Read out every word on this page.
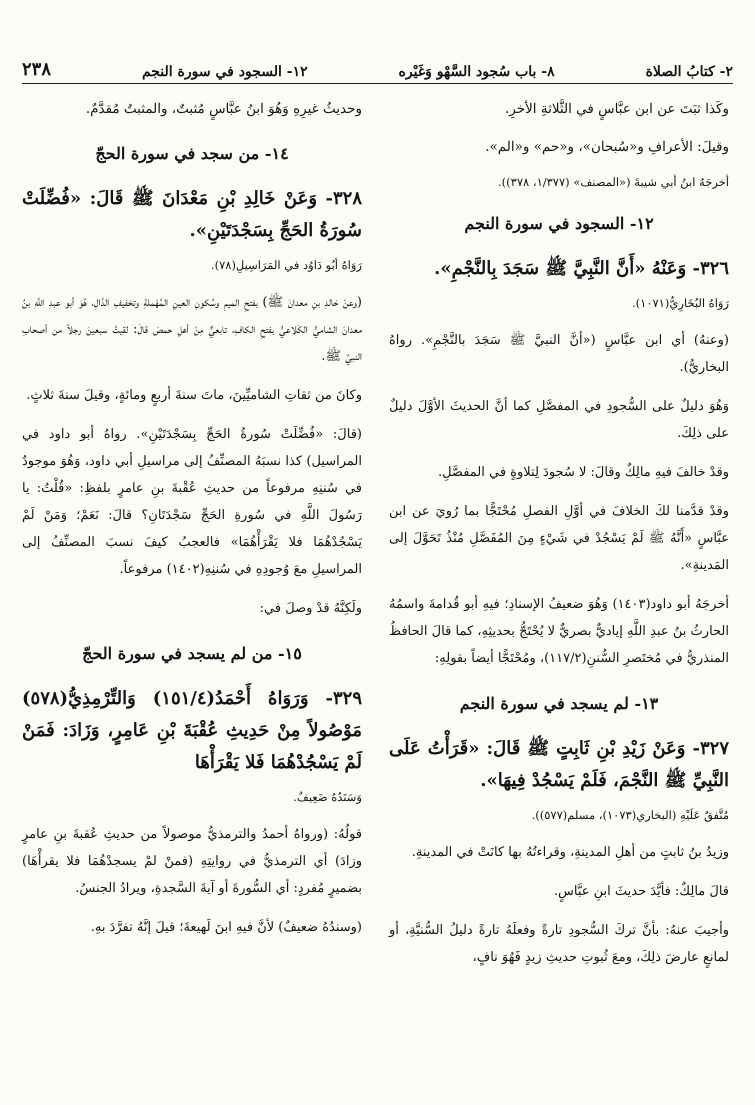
٢- كتابُ الصلاة
٨- باب سُجود السَّهْو وَغَيْره
١٢- السجود في سورة النجم
٢٣٨

وكَذا ثبَتَ عن ابن عبَّاسٍ في الثَّلاثةِ الأخرِ.

وقيلَ: الأعرافِ و«سُبحان»، و«حم» و«الم».

أخرجَهُ ابنُ أبي شيبةَ («المصنف» (١/٣٧٧، ٣٧٨)).

١٢- السجود في سورة النجم
٣٢٦- وَعَنْهُ «أَنَّ النَّبِيَّ ﷺ سَجَدَ بِالنَّجْمِ».

رَوَاهُ البُخَارِيُّ(١٠٧١).

(وعنهُ) أي ابن عبَّاسٍ («أنَّ النبيَّ ﷺ سَجَدَ بالنَّجْمِ». رواهُ البخاريُّ).

وَهُوَ دليلٌ على السُّجودِ في المفصَّلِ كما أنَّ الحديثَ الأوَّلَ دليلٌ على ذلِكَ.

وقدْ خالفَ فيهِ مالِكٌ وقالَ: لا سُجودَ لِتلاوةٍ في المفصَّلِ.

وقدْ قدَّمنا لكَ الخلافَ في أوَّلِ الفصلِ مُحْتَجًّا بما رُويَ عن ابن عبَّاسٍ «أَنَّهُ ﷺ لَمْ يَسْجُدْ في شَيْءٍ مِنَ المُفَصَّلِ مُنْذُ تَحَوَّلَ إلى المَدينةِ».

أخرجَهُ أبو داود(١٤٠٣) وَهُوَ ضعيفُ الإسنادِ؛ فيهِ أبو قُدامةَ واسمُهُ الحارثُ بنُ عبدِ اللَّهِ إياديٌّ بصريٌّ لا يُحْتَجُّ بحديثِهِ، كما قالَ الحافظُ المنذريُّ في مُختَصرِ السُّننِ(١١٧/٢)، ومُحْتَجًّا أيضاً بقولِهِ:

١٣- لم يسجد في سورة النجم
٣٢٧- وَعَنْ زَيْدِ بْنِ ثَابِتٍ ﷺ قَالَ: «قَرَأْتُ عَلَى النَّبِيِّ ﷺ النَّجْمَ، فَلَمْ يَسْجُدْ فِيهَا».

مُتَّفقٌ عَلَيْهِ (البخاري(١٠٧٣)، مسلم(٥٧٧)).

وزيدُ بنُ ثابتٍ من أهلِ المدينةِ، وقراءتُهُ بها كانَتْ في المدينةِ.

قالَ مالِكٌ: فأيَّدَ حديثَ ابنِ عبَّاسٍ.

وأجيبَ عنهُ: بأنَّ تركَ السُّجودِ تارةً وفعلَهُ تارةً دليلُ السُّنيَّةِ، أو لمانعٍ عارضَ ذلِكَ، ومعَ ثُبوتِ حديثِ زيدٍ فَهُوَ نافٍ،

وحديثُ غيرِهِ وَهُوَ ابنُ عبَّاسٍ مُثبتٌ، والمثبتُ مُقدَّمٌ.

١٤- من سجد في سورة الحجّ
٣٢٨- وَعَنْ خَالِدِ بْنِ مَعْدَانَ ﷺ قَالَ: «فُضِّلَتْ سُورَةُ الحَجِّ بِسَجْدَتَيْنِ».

رَوَاهُ أبُو دَاوُد في المَرَاسِيلِ(٧٨).

(وعنْ خالدِ بنِ معدانَ ﷺ) بفتحِ الميمِ وسُكونِ العينِ المُهْملةِ وتخفيفِ الدَّالِ، هُوَ أبو عبدِ اللَّهِ بنُ معدانَ الشاميُّ الكَلاعيُّ بفتحِ الكافِ، تابعيٌّ مِنْ أهلِ حمصَ قالَ: لقيتُ سبعينَ رجلاً من أصحابِ النبيِّ ﷺ.

وكانَ من ثقاتِ الشاميِّينَ، ماتَ سنةَ أربعٍ ومائةٍ، وقيلَ سنةَ ثلاثٍ.

(قالَ: «فُضِّلَتْ سُورةُ الحَجِّ بِسَجْدَتَيْنِ». رواهُ أبو داود في المراسيل) كذا نسبَهُ المصنِّفُ إلى مراسيلِ أبي داود، وَهُوَ موجودٌ في سُننِهِ مرفوعاً من حديثِ عُقْبةَ بنِ عامرٍ بلفظِ: «قُلْتُ: يا رَسُولَ اللَّهِ في سُورةِ الحَجِّ سَجْدَتَانِ؟ قالَ: نَعَمْ؛ وَمَنْ لَمْ يَسْجُدْهُمَا فلا يَقْرَأْهُمَا» فالعجبُ كيفَ نسبَ المصنِّفُ إلى المراسيلِ معَ وُجودِهِ في سُننِهِ(١٤٠٢) مرفوعاً.

ولَكِنَّهُ قدْ وصلَ في:

١٥- من لم يسجد في سورة الحجّ
٣٢٩- وَرَوَاهُ أَحْمَدُ(١٥١/٤) وَالتِّرْمِذِيُّ(٥٧٨) مَوْصُولاً مِنْ حَدِيثِ عُقْبَةَ بْنِ عَامِرٍ، وَزَادَ: فَمَنْ لَمْ يَسْجُدْهُمَا فَلا يَقْرَأْهَا

وَسَنَدُهُ ضَعِيفٌ.

قولُهُ: (ورواهُ أحمدُ والترمذيُّ موصولاً من حديثِ عُقبةَ بنِ عامرٍ وزادَ) أي الترمذيُّ في روايتِهِ (فمنْ لمْ يسجدْهُمَا فلا يقرأْهَا) بضميرٍ مُفردٍ: أي السُّورةَ أو آيةَ السَّجدةِ، ويرادُ الجنسُ.

(وسندُهُ ضعيفٌ) لأنَّ فيهِ ابنَ لَهيعةَ؛ قيلَ إنَّهُ تفرَّدَ بهِ.
